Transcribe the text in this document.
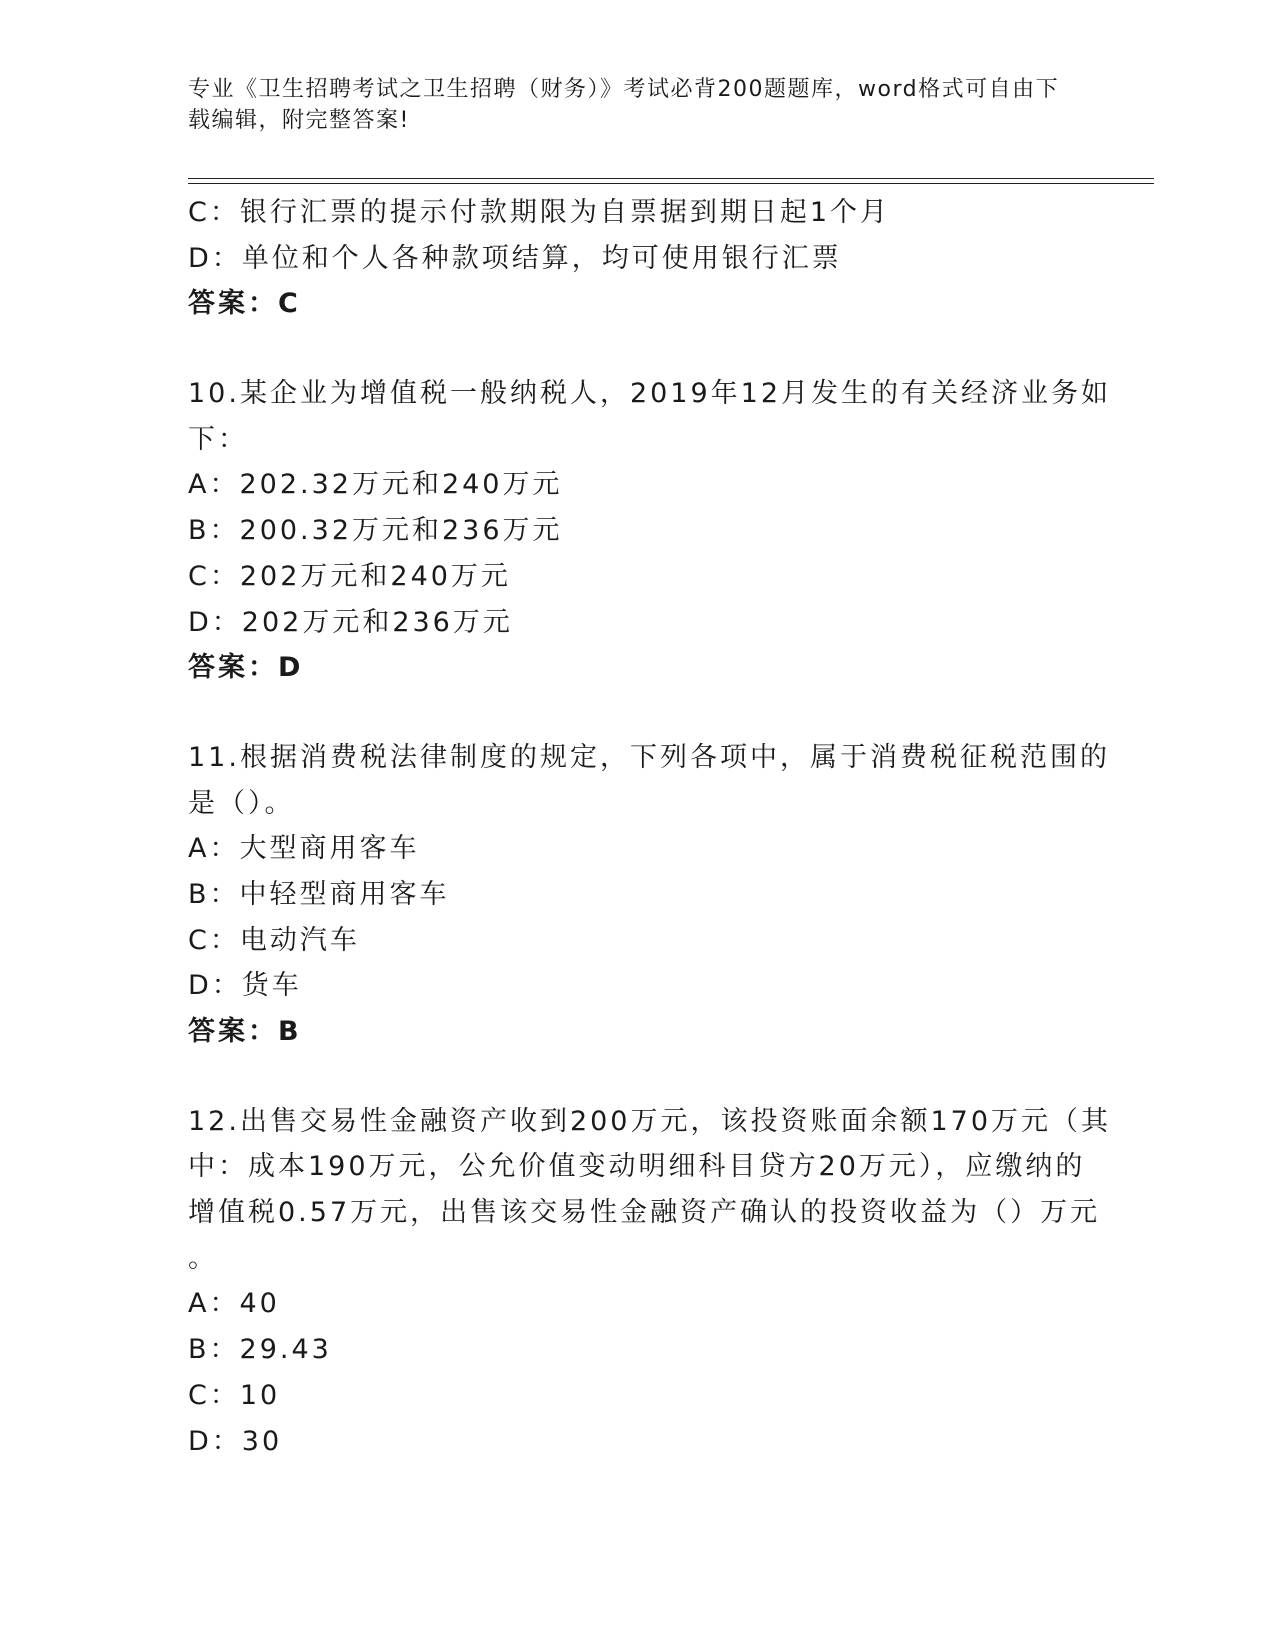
专业《卫生招聘考试之卫生招聘（财务）》考试必背200题题库，word格式可自由下载编辑，附完整答案!
C：银行汇票的提示付款期限为自票据到期日起1个月
D：单位和个人各种款项结算，均可使用银行汇票
答案：C
10.某企业为增值税一般纳税人，2019年12月发生的有关经济业务如
下：
A：202.32万元和240万元
B：200.32万元和236万元
C：202万元和240万元
D：202万元和236万元
答案：D
11.根据消费税法律制度的规定，下列各项中，属于消费税征税范围的
是（）。
A：大型商用客车
B：中轻型商用客车
C：电动汽车
D：货车
答案：B
12.出售交易性金融资产收到200万元，该投资账面余额170万元（其
中：成本190万元，公允价值变动明细科目贷方20万元），应缴纳的
增值税0.57万元，出售该交易性金融资产确认的投资收益为（）万元
。
A：40
B：29.43
C：10
D：30
